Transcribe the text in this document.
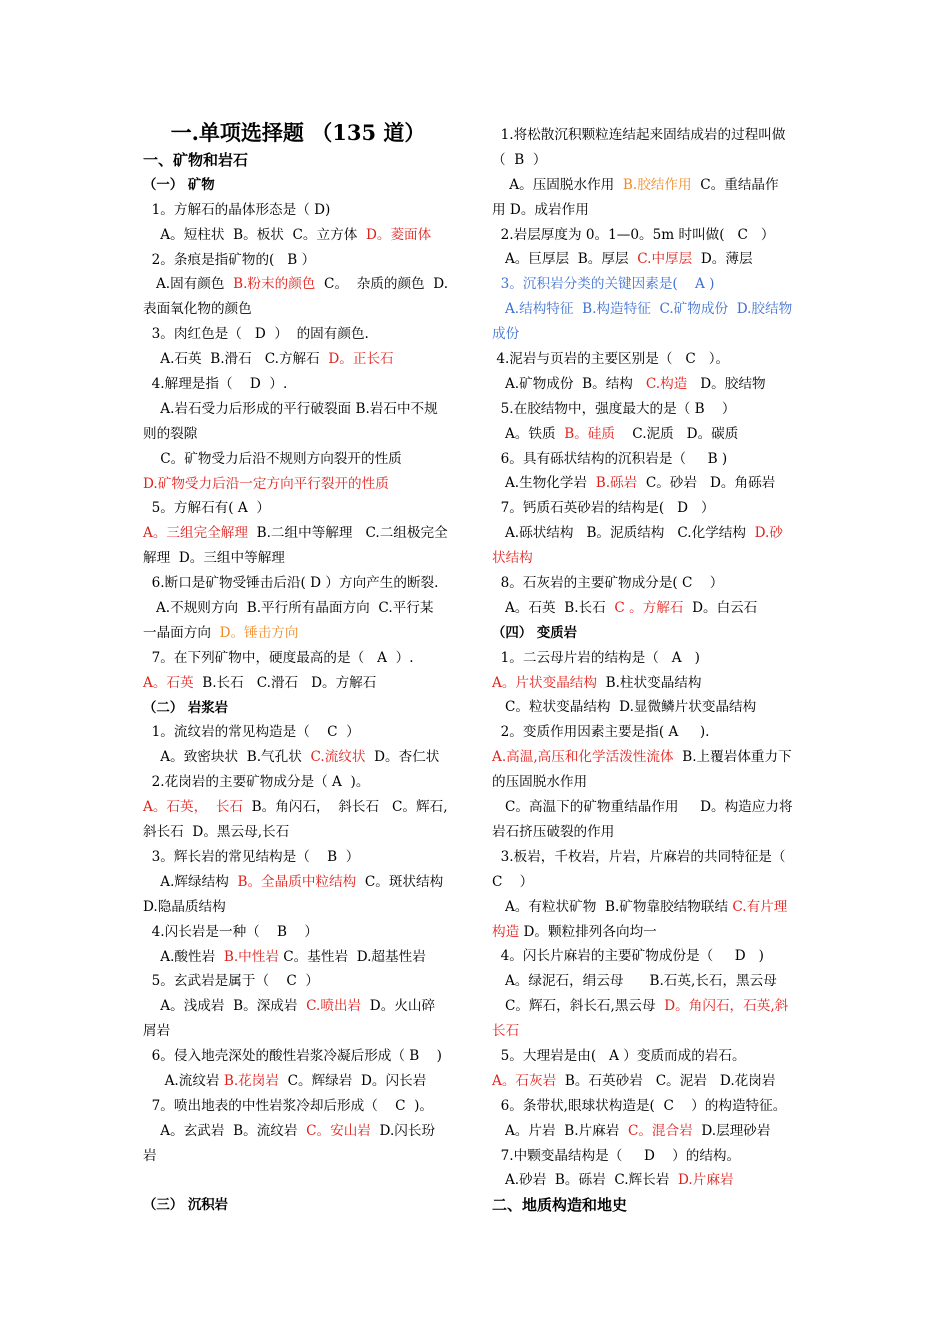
一.单项选择题 （135 道）
一、矿物和岩石
（一） 矿物
1。方解石的晶体形态是（ D)
A。短柱状  B。板状  C。立方体  D。菱面体
2。条痕是指矿物的(   B ）
A.固有颜色  B.粉末的颜色  C。  杂质的颜色  D.
表面氧化物的颜色
3。肉红色是（   D  ）  的固有颜色.
A.石英  B.滑石   C.方解石  D。正长石
4.解理是指（    D  ）.
A.岩石受力后形成的平行破裂面 B.岩石中不规
则的裂隙
C。矿物受力后沿不规则方向裂开的性质
D.矿物受力后沿一定方向平行裂开的性质
5。方解石有( A  ）
A。三组完全解理  B.二组中等解理   C.二组极完全
解理  D。三组中等解理
6.断口是矿物受锤击后沿( D ）方向产生的断裂.
A.不规则方向  B.平行所有晶面方向  C.平行某
一晶面方向  D。锤击方向
7。在下列矿物中，硬度最高的是（   A  ）.
A。石英  B.长石   C.滑石   D。方解石
（二） 岩浆岩
1。流纹岩的常见构造是（    C  ）
A。致密块状  B.气孔状  C.流纹状  D。杏仁状
2.花岗岩的主要矿物成分是（ A  )。
A。石英，  长石  B。角闪石，  斜长石   C。辉石,
斜长石  D。黑云母,长石
3。辉长岩的常见结构是（    B  ）
A.辉绿结构  B。全晶质中粒结构  C。斑状结构
D.隐晶质结构
4.闪长岩是一种（    B    ）
A.酸性岩  B.中性岩 C。基性岩  D.超基性岩
5。玄武岩是属于（    C  ）
A。浅成岩  B。深成岩  C.喷出岩  D。火山碎
屑岩
6。侵入地壳深处的酸性岩浆冷凝后形成（ B    )
A.流纹岩 B.花岗岩  C。辉绿岩  D。闪长岩
7。喷出地表的中性岩浆冷却后形成（    C  )。
A。玄武岩  B。流纹岩  C。安山岩  D.闪长玢
岩
（三） 沉积岩
1.将松散沉积颗粒连结起来固结成岩的过程叫做
（  B  ）
A。压固脱水作用  B.胶结作用  C。重结晶作
用 D。成岩作用
2.岩层厚度为 0。1—0。5m 时叫做(   C   ）
A。巨厚层  B。厚层  C.中厚层  D。薄层
3。沉积岩分类的关键因素是(    A )
A.结构特征  B.构造特征  C.矿物成份  D.胶结物
成份
4.泥岩与页岩的主要区别是（   C   ）。
A.矿物成份  B。结构   C.构造   D。胶结物
5.在胶结物中，强度最大的是（ B    ）
A。铁质  B。硅质    C.泥质   D。碳质
6。具有砾状结构的沉积岩是（     B )
A.生物化学岩  B.砾岩  C。砂岩   D。角砾岩
7。钙质石英砂岩的结构是(   D   ）
A.砾状结构   B。泥质结构   C.化学结构  D.砂
状结构
8。石灰岩的主要矿物成分是( C    ）
A。石英  B.长石  C 。方解石  D。白云石
（四） 变质岩
1。二云母片岩的结构是（   A   )
A。片状变晶结构  B.柱状变晶结构
C。粒状变晶结构  D.显微鳞片状变晶结构
2。变质作用因素主要是指( A     ).
A.高温,高压和化学活泼性流体  B.上覆岩体重力下
的压固脱水作用
C。高温下的矿物重结晶作用     D。构造应力将
岩石挤压破裂的作用
3.板岩，千枚岩，片岩，片麻岩的共同特征是（
C    ）
A。有粒状矿物  B.矿物靠胶结物联结 C.有片理
构造 D。颗粒排列各向均一
4。闪长片麻岩的主要矿物成份是（     D   )
A。绿泥石，绢云母      B.石英,长石，黑云母
C。辉石，斜长石,黑云母  D。角闪石，石英,斜
长石
5。大理岩是由(   A ）变质而成的岩石。
A。石灰岩  B。石英砂岩   C。泥岩   D.花岗岩
6。条带状,眼球状构造是(  C    ）的构造特征。
A。片岩  B.片麻岩  C。混合岩  D.层理砂岩
7.中颗变晶结构是（     D    ）的结构。
A.砂岩  B。砾岩  C.辉长岩  D.片麻岩
二、地质构造和地史
